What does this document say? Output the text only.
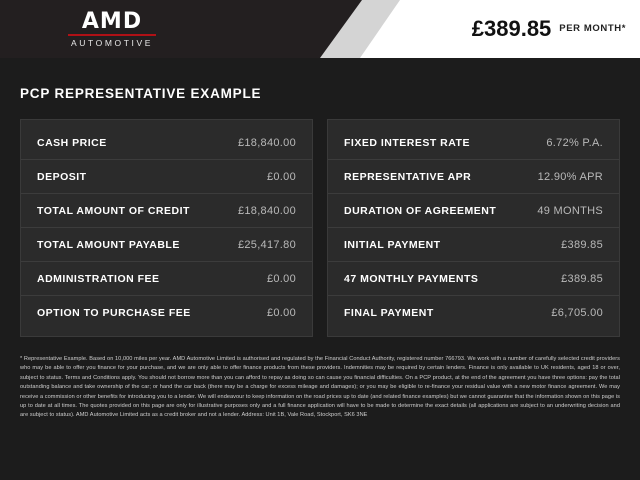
AMD
AUTOMOTIVE
£389.85 PER MONTH*
PCP REPRESENTATIVE EXAMPLE
CASH PRICE	£18,840.00
DEPOSIT	£0.00
TOTAL AMOUNT OF CREDIT	£18,840.00
TOTAL AMOUNT PAYABLE	£25,417.80
ADMINISTRATION FEE	£0.00
OPTION TO PURCHASE FEE	£0.00
FIXED INTEREST RATE	6.72% P.A.
REPRESENTATIVE APR	12.90% APR
DURATION OF AGREEMENT	49 MONTHS
INITIAL PAYMENT	£389.85
47 MONTHLY PAYMENTS	£389.85
FINAL PAYMENT	£6,705.00
* Representative Example. Based on 10,000 miles per year. AMD Automotive Limited is authorised and regulated by the Financial Conduct Authority, registered number 766793. We work with a number of carefully selected credit providers who may be able to offer you finance for your purchase, and we are only able to offer finance products from these providers. Indemnities may be required by certain lenders. Finance is only available to UK residents, aged 18 or over, subject to status. Terms and Conditions apply. You should not borrow more than you can afford to repay as doing so can cause you financial difficulties. On a PCP product, at the end of the agreement you have three options: pay the total outstanding balance and take ownership of the car; or hand the car back (there may be a charge for excess mileage and damages); or you may be eligible to re-finance your residual value with a new motor finance agreement. We may receive a commission or other benefits for introducing you to a lender. We will endeavour to keep information on the road prices up to date (and related finance examples) but we cannot guarantee that the information shown on this page is up to date at all times. The quotes provided on this page are only for illustrative purposes only and a full finance application will have to be made to determine the exact details (all applications are subject to an underwriting decision and are subject to status). AMD Automotive Limited acts as a credit broker and not a lender. Address: Unit 1B, Vale Road, Stockport, SK6 3NE
